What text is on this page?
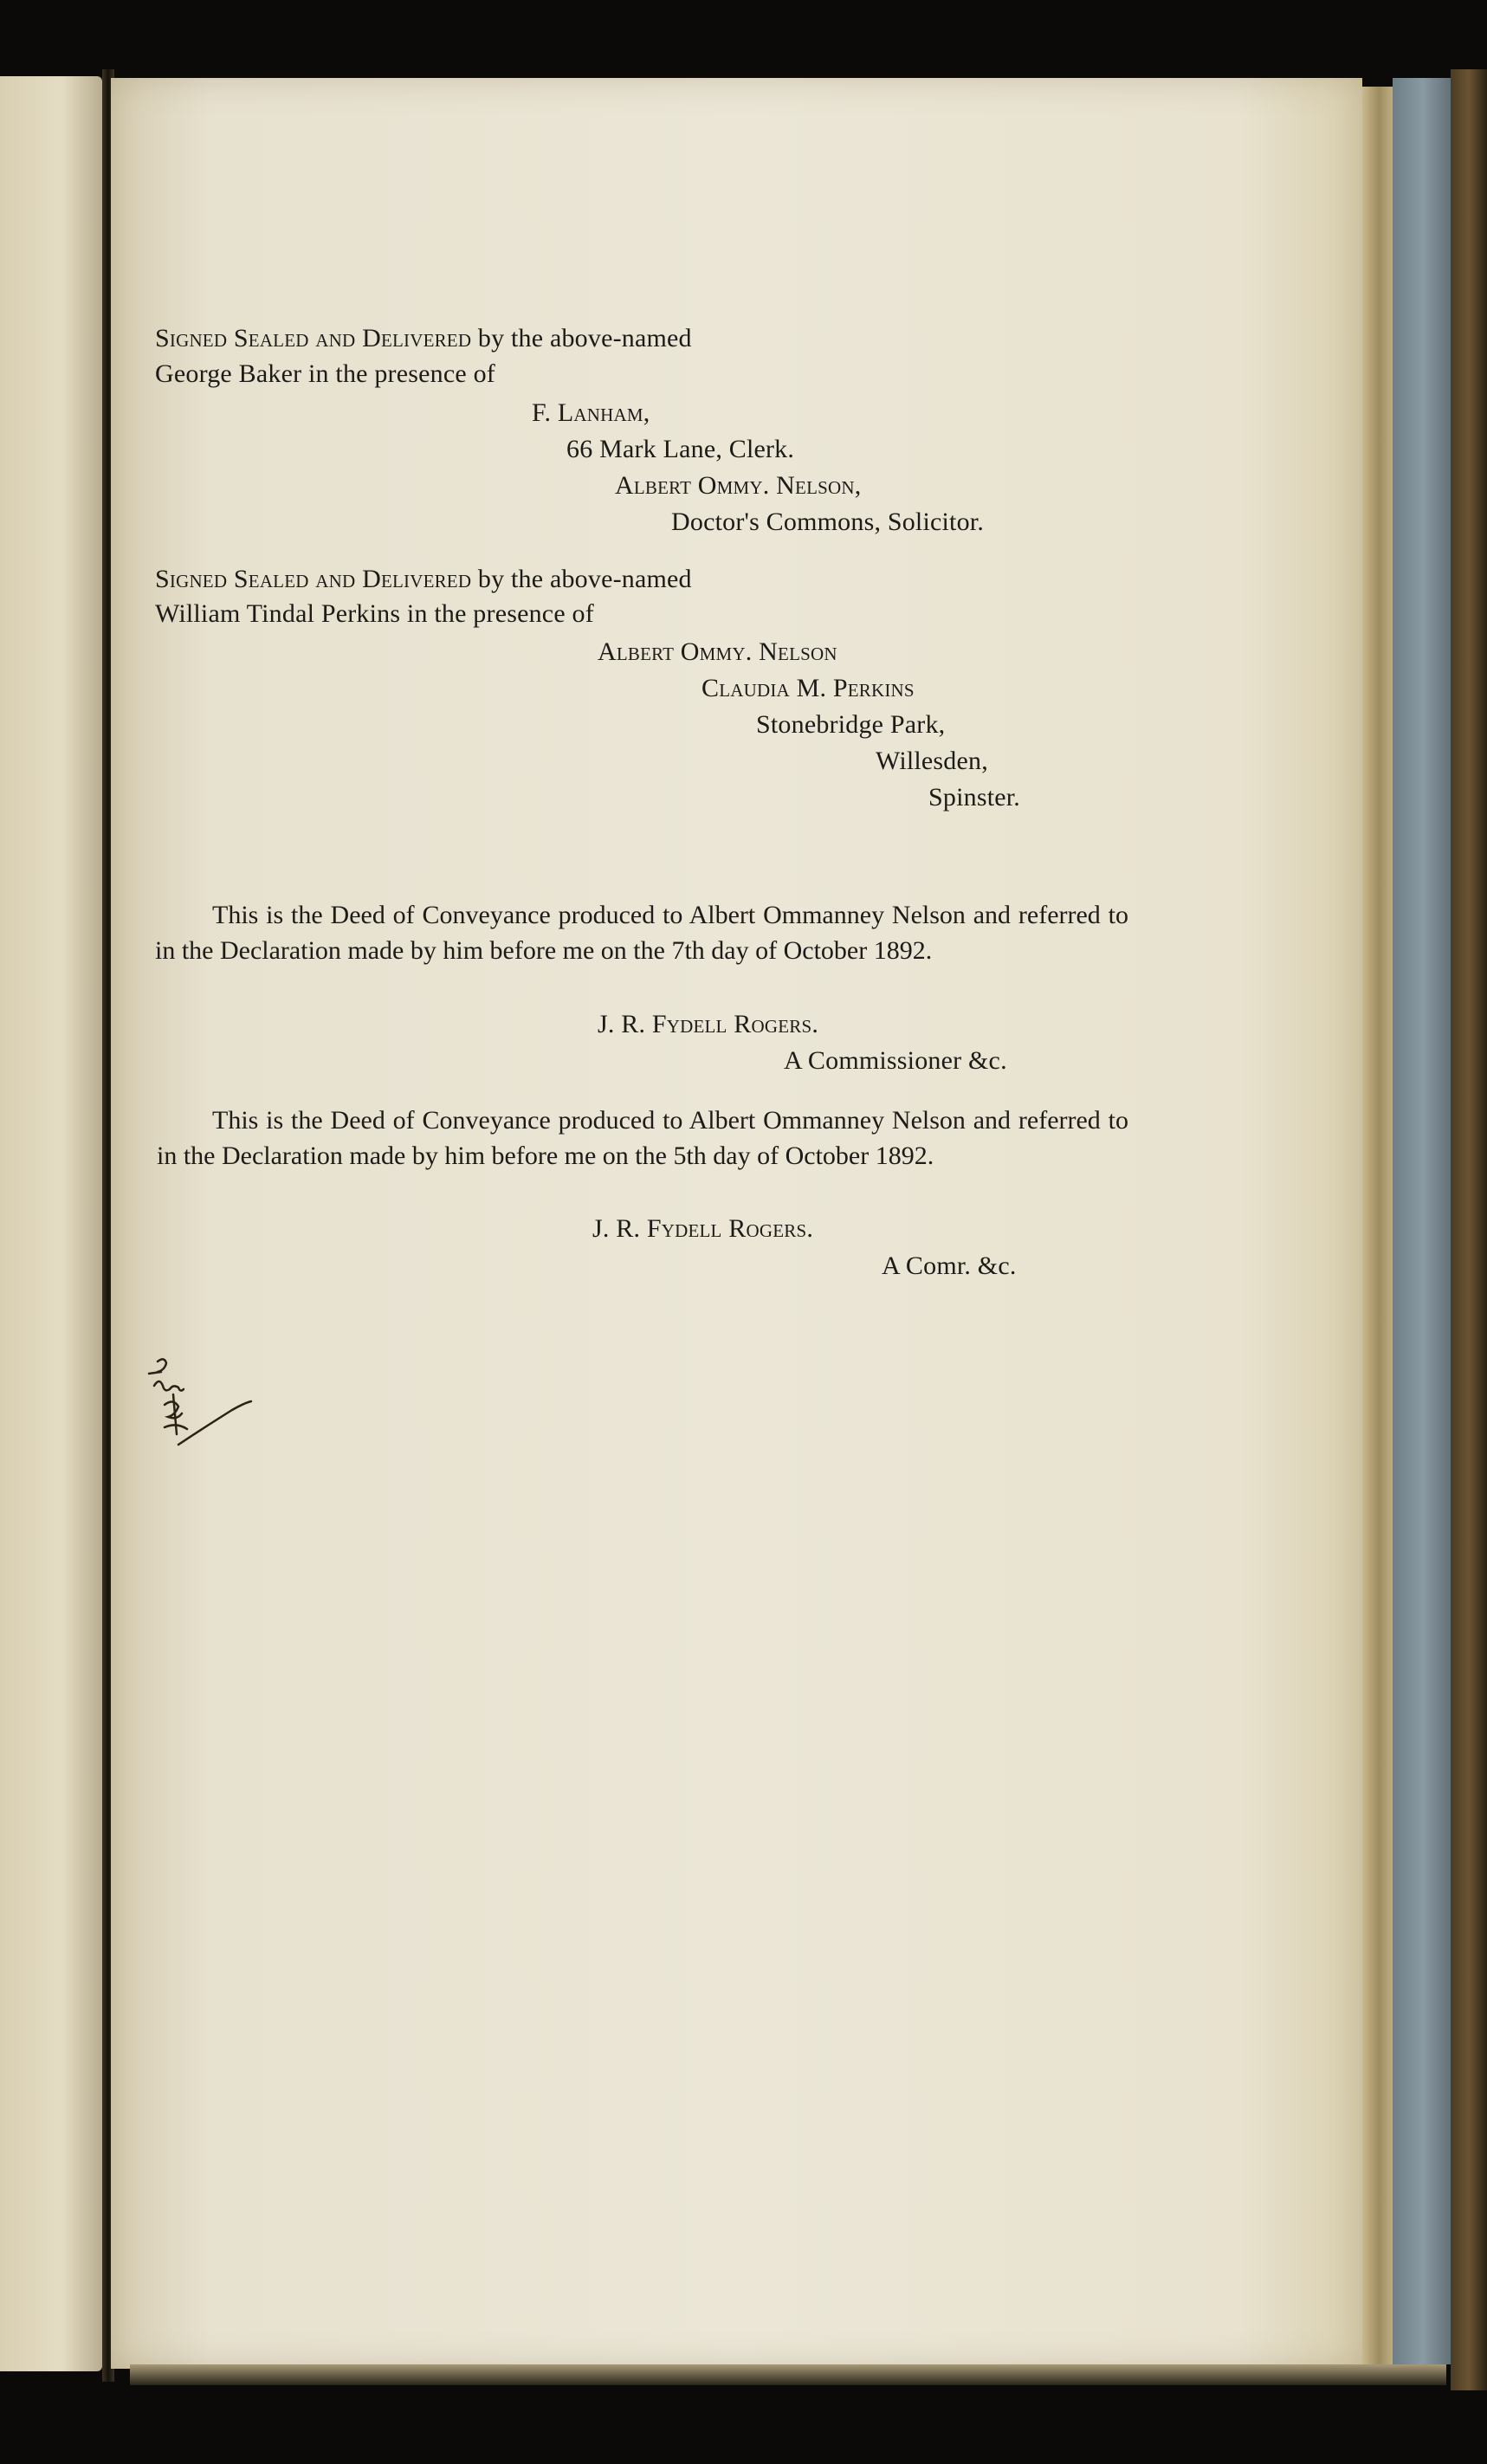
Signed Sealed and Delivered by the above-named
George Baker in the presence of
F. Lanham,
66 Mark Lane, Clerk.
Albert Ommy. Nelson,
Doctor's Commons, Solicitor.
Signed Sealed and Delivered by the above-named
William Tindal Perkins in the presence of
Albert Ommy. Nelson
Claudia M. Perkins
Stonebridge Park,
Willesden,
Spinster.
This is the Deed of Conveyance produced to Albert Ommanney Nelson and referred to in the Declaration made by him before me on the 7th day of October 1892.
J. R. Fydell Rogers.
A Commissioner &c.
This is the Deed of Conveyance produced to Albert Ommanney Nelson and referred to in the Declaration made by him before me on the 5th day of October 1892.
J. R. Fydell Rogers.
A Comr. &c.
